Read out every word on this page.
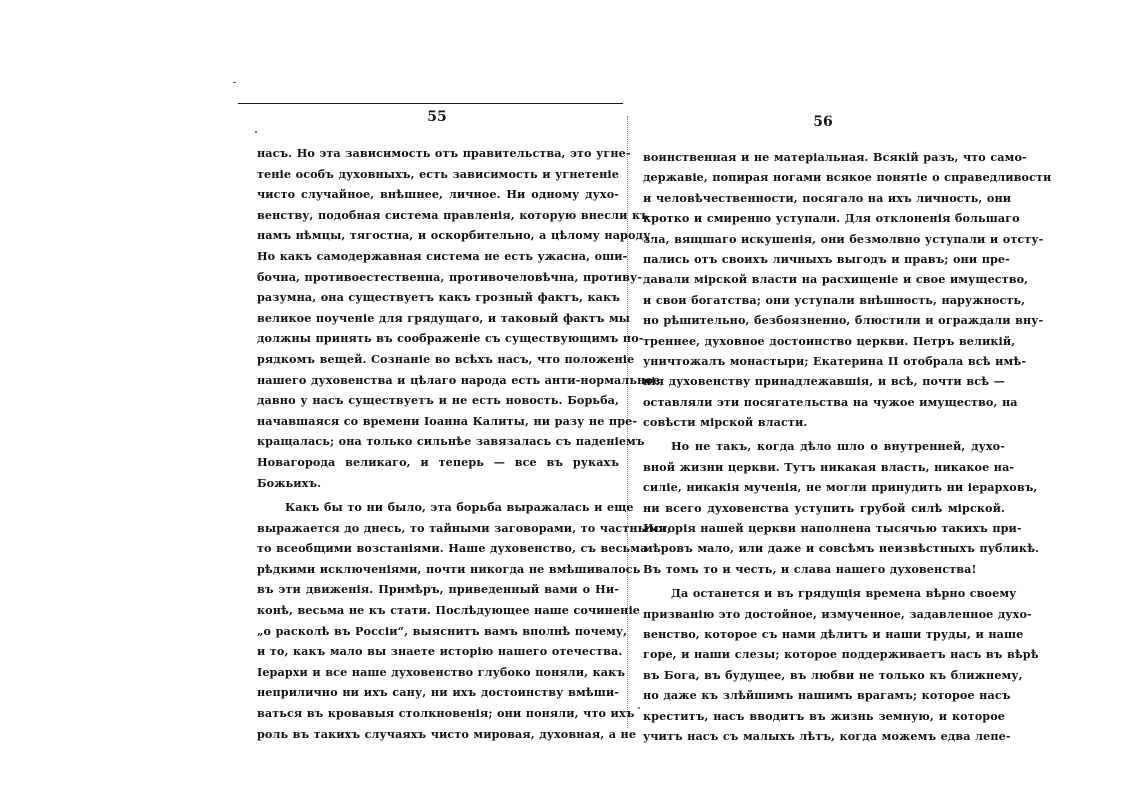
55	56
насъ. Но эта зависимость отъ правительства, это угне-
теніе особъ духовныхъ, есть зависимость и угнетеніе
чисто случайное, внѣшнее, личное. Ни одному духо-
венству, подобная система правленія, которую внесли къ
намъ нѣмцы, тягостна, и оскорбительно, а цѣлому народу.
Но какъ самодержавная система не есть ужасна, оши-
бочна, противоестественна, противочеловѣчна, противу-
разумна, она существуетъ какъ грозный фактъ, какъ
великое поученіе для грядущаго, и таковый фактъ мы
должны принять въ соображеніе съ существующимъ по-
рядкомъ вещей. Сознаніе во всѣхъ насъ, что положеніе
нашего духовенства и цѣлаго народа есть анти-нормальное,
давно у насъ существуетъ и не есть новость. Борьба,
начавшаяся со времени Іоанна Калиты, ни разу не пре-
кращалась; она только сильнѣе завязалась съ паденіемъ
Новагорода великаго, и теперь — все въ рукахъ
Божьихъ.
Какъ бы то ни было, эта борьба выражалась и еще
выражается до днесь, то тайными заговорами, то частными,
то всеобщими возстаніями. Наше духовенство, съ весьма
рѣдкими исключеніями, почти никогда не вмѣшивалось
въ эти движенія. Примѣръ, приведенный вами о Ни-
конѣ, весьма не къ стати. Послѣдующее наше сочиненіе
„о расколѣ въ Россіи“, выяснитъ вамъ вполнѣ почему,
и то, какъ мало вы знаете исторію нашего отечества.
Іерархи и все наше духовенство глубоко поняли, какъ
неприлично ни ихъ сану, ни ихъ достоинству вмѣши-
ваться въ кровавыя столкновенія; они поняли, что ихъ
роль въ такихъ случаяхъ чисто мировая, духовная, а не
воинственная и не матеріальная. Всякій разъ, что само-
державіе, попирая ногами всякое понятіе о справедливости
и человѣчественности, посягало на ихъ личность, они
кротко и смиренно уступали. Для отклоненія большаго
зла, вящшаго искушенія, они безмолвно уступали и отсту-
пались отъ своихъ личныхъ выгодъ и правъ; они пре-
давали мірской власти на расхищеніе и свое имущество,
и свои богатства; они уступали внѣшность, наружность,
но рѣшительно, безбоязненно, блюстили и ограждали вну-
треннее, духовное достоинство церкви. Петръ великій,
уничтожалъ монастыри; Екатерина II отобрала всѣ имѣ-
нія духовенству принадлежавшія, и всѣ, почти всѣ —
оставляли эти посягательства на чужое имущество, на
совѣсти мірской власти.
Но не такъ, когда дѣло шло о внутренней, духо-
вной жизни церкви. Тутъ никакая власть, никакое на-
силіе, никакія мученія, не могли принудить ни іерарховъ,
ни всего духовенства уступить грубой силѣ мірской.
Исторія нашей церкви наполнена тысячью такихъ при-
мѣровъ мало, или даже и совсѣмъ неизвѣстныхъ публикѣ.
Въ томъ то и честь, и слава нашего духовенства!
Да останется и въ грядущія времена вѣрно своему
призванію это достойное, измученное, задавленное духо-
венство, которое съ нами дѣлитъ и наши труды, и наше
горе, и наши слезы; которое поддерживаетъ насъ въ вѣрѣ
въ Бога, въ будущее, въ любви не только къ ближнему,
но даже къ злѣйшимъ нашимъ врагамъ; которое насъ
креститъ, насъ вводитъ въ жизнь земную, и которое
учитъ насъ съ малыхъ лѣтъ, когда можемъ едва лепе-
